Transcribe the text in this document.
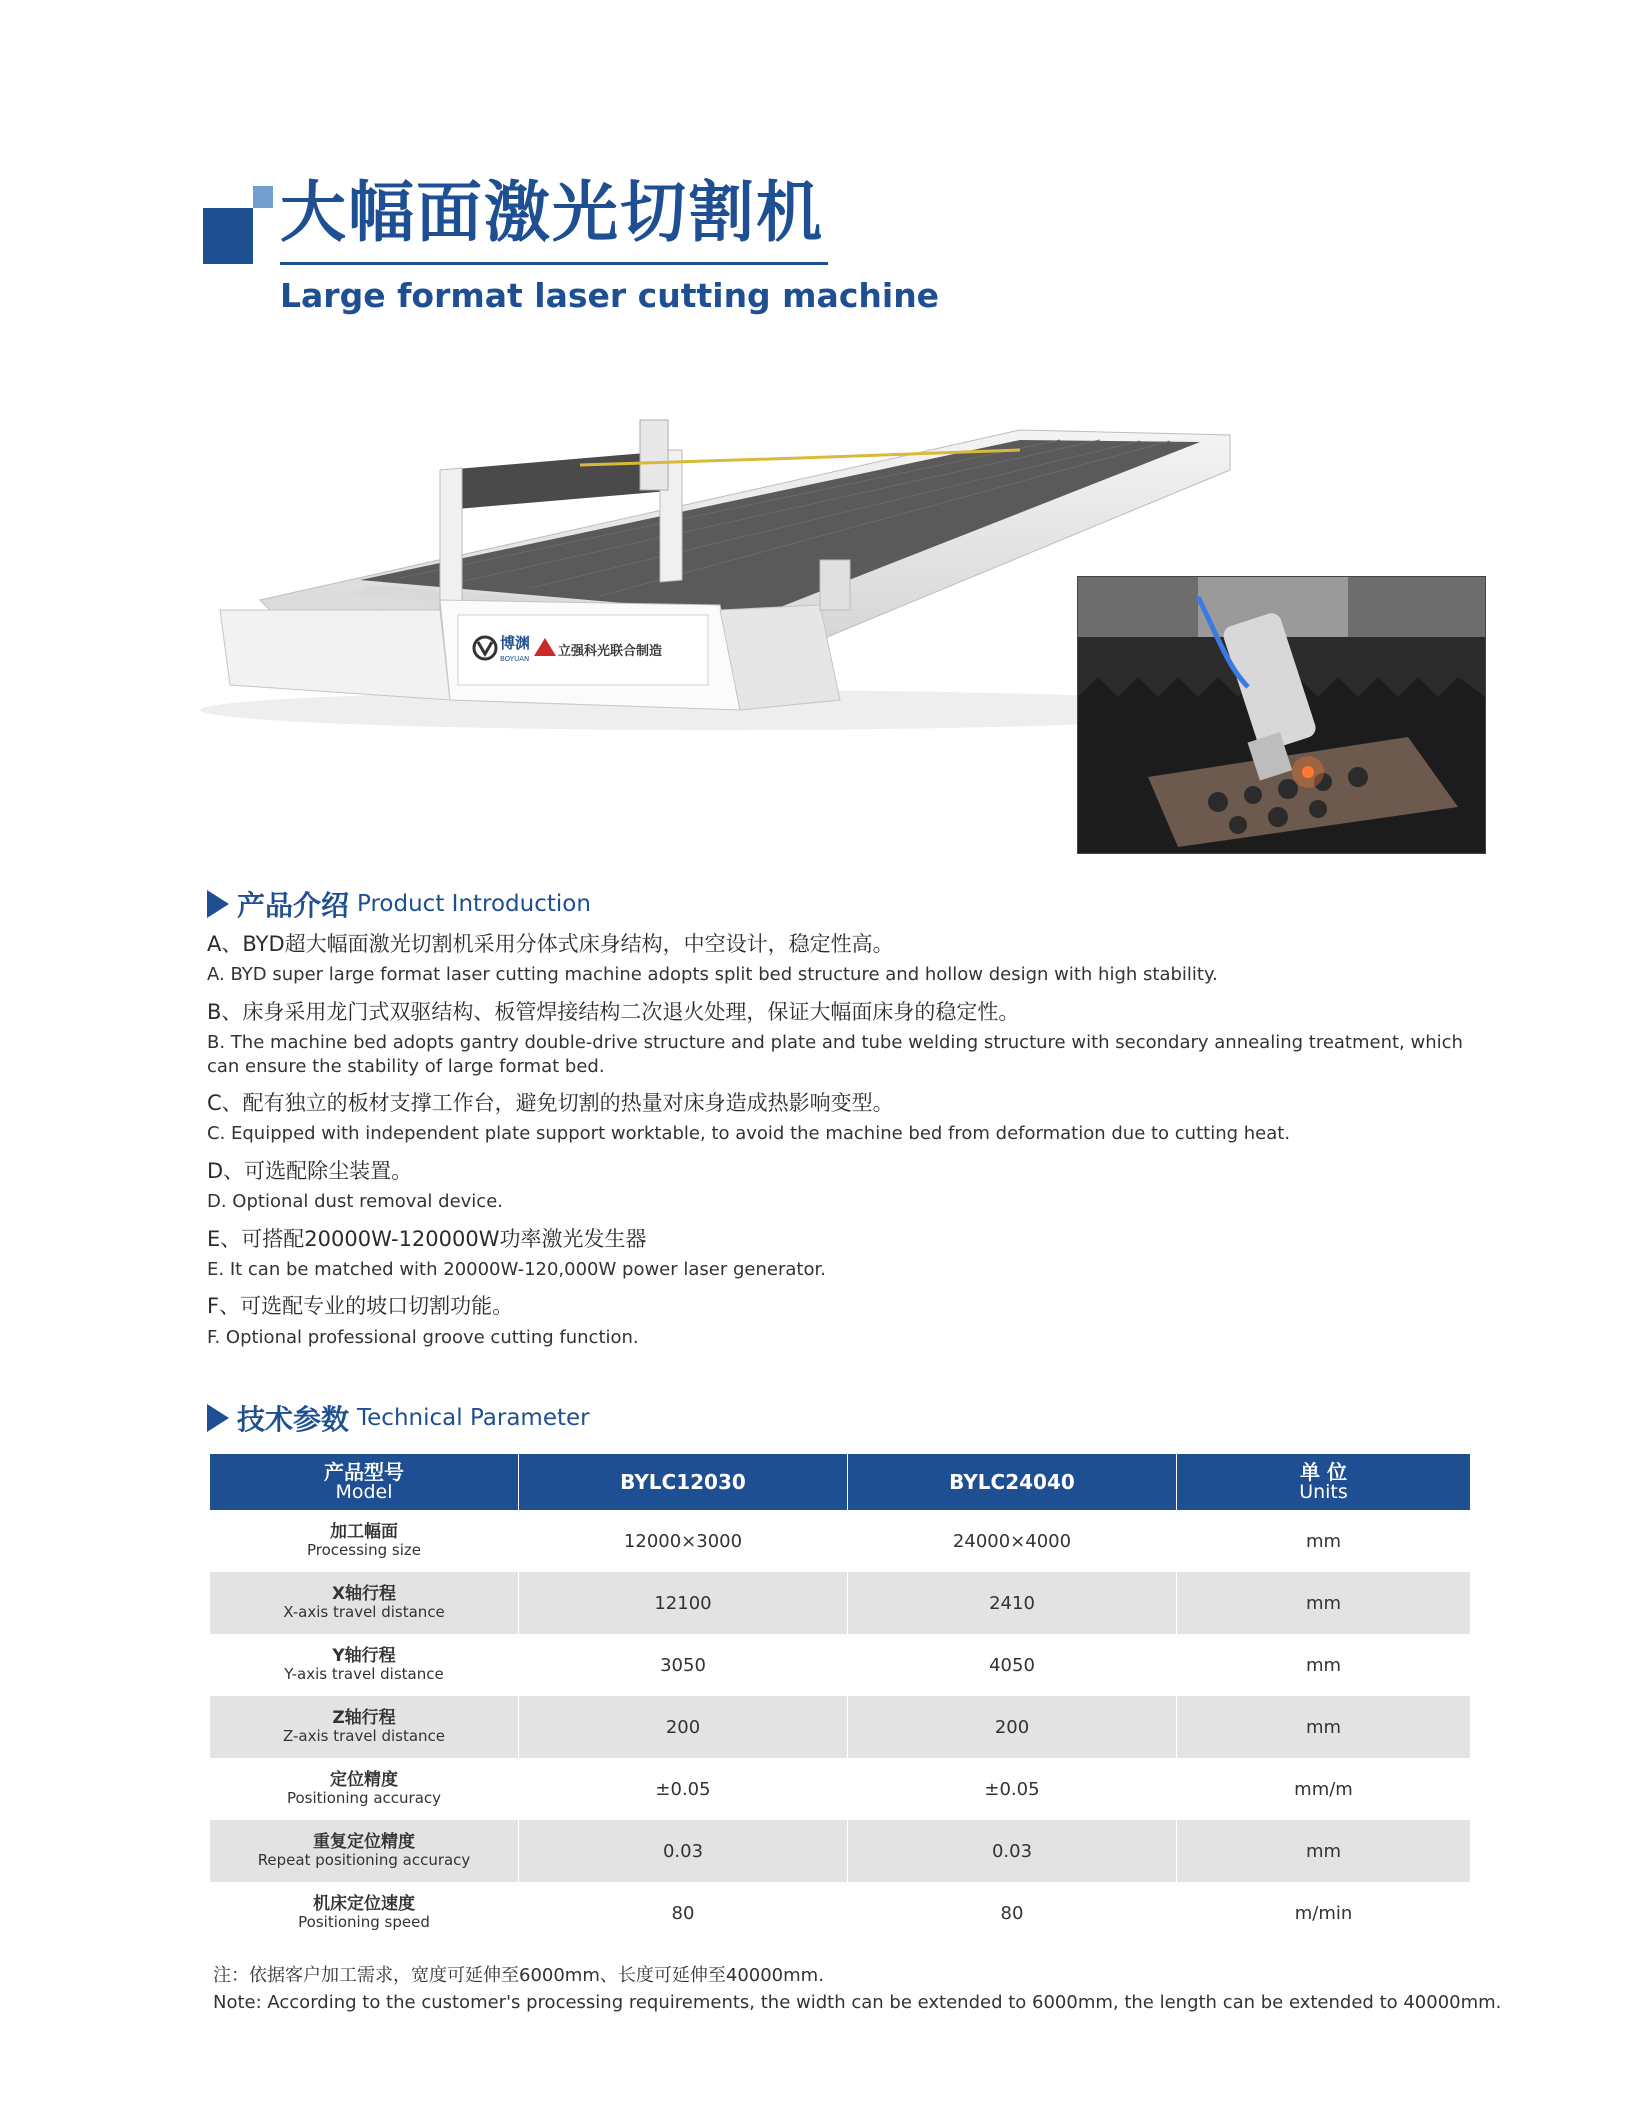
大幅面激光切割机
Large format laser cutting machine
博渊
BOYUAN 立强科光联合制造
产品介绍 Product Introduction
A、BYD超大幅面激光切割机采用分体式床身结构，中空设计，稳定性高。
A. BYD super large format laser cutting machine adopts split bed structure and hollow design with high stability.
B、床身采用龙门式双驱结构、板管焊接结构二次退火处理，保证大幅面床身的稳定性。
B. The machine bed adopts gantry double-drive structure and plate and tube welding structure with secondary annealing treatment, which can ensure the stability of large format bed.
C、配有独立的板材支撑工作台，避免切割的热量对床身造成热影响变型。
C. Equipped with independent plate support worktable, to avoid the machine bed from deformation due to cutting heat.
D、可选配除尘装置。
D. Optional dust removal device.
E、可搭配20000W-120000W功率激光发生器
E. It can be matched with 20000W-120,000W power laser generator.
F、可选配专业的坡口切割功能。
F. Optional professional groove cutting function.
技术参数 Technical Parameter
产品型号
Model	BYLC12030	BYLC24040	单 位
Units

加工幅面
Processing size	12000×3000	24000×4000	mm

X轴行程
X-axis travel distance	12100	2410	mm

Y轴行程
Y-axis travel distance	3050	4050	mm

Z轴行程
Z-axis travel distance	200	200	mm

定位精度
Positioning accuracy	±0.05	±0.05	mm/m

重复定位精度
Repeat positioning accuracy	0.03	0.03	mm

机床定位速度
Positioning speed	80	80	m/min
注：依据客户加工需求，宽度可延伸至6000mm、长度可延伸至40000mm.
Note: According to the customer's processing requirements, the width can be extended to 6000mm, the length can be extended to 40000mm.
